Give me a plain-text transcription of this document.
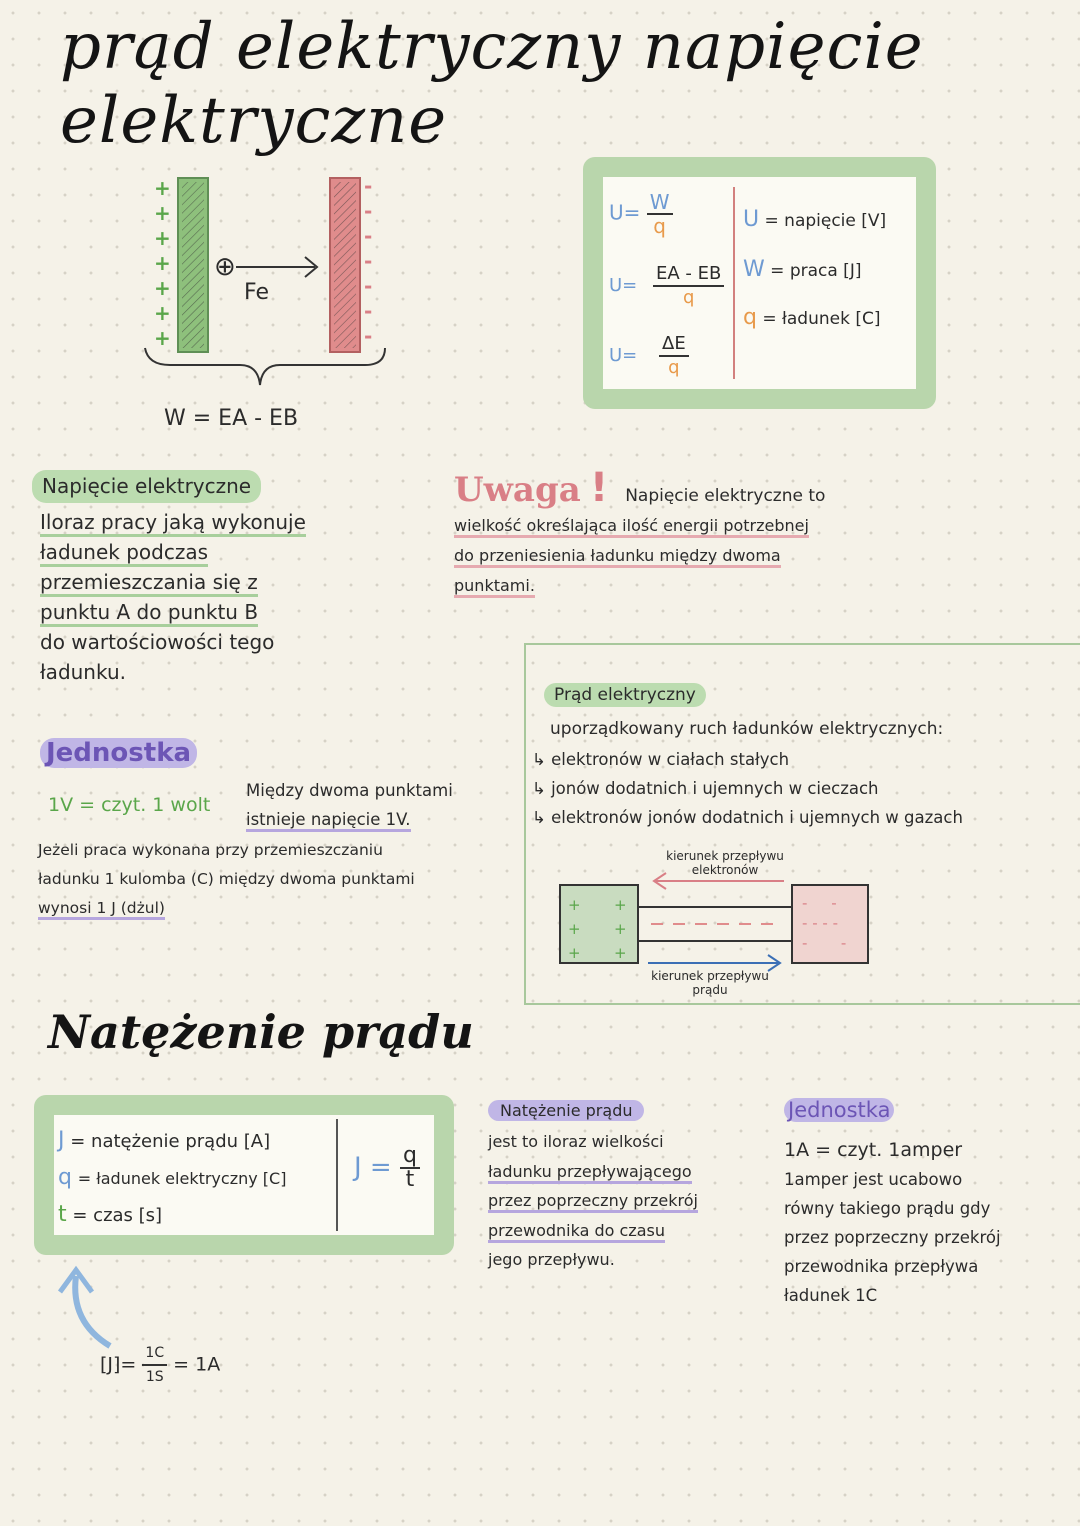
prąd elektryczny napięcie elektryczne
+
+
+
+
+
+
+
-
-
-
-
-
-
-
⊕
Fe
W = EA - EB
$U= \frac{W}{q}$
$U= \frac{EA - EB}{q}$
$U= \frac{\Delta E}{q}$
U = napięcie [V]
W = praca [J]
q = ładunek [C]
Napięcie elektryczne
Iloraz pracy jaką wykonuje
ładunek podczas
przemieszczania się z
punktu A do punktu B
do wartościowości tego
ładunku.
Uwaga ! Napięcie elektryczne to
wielkość określająca ilość energii potrzebnej
do przeniesienia ładunku między dwoma
punktami.
Jednostka
1V = czyt. 1 wolt
Między dwoma punktami
istnieje napięcie 1V.
Jeżeli praca wykonana przy przemieszczaniu
ładunku 1 kulomba (C) między dwoma punktami
wynosi 1 J (dżul)
Prąd elektryczny
uporządkowany ruch ładunków elektrycznych:
↳ elektronów w ciałach stałych
↳ jonów dodatnich i ujemnych w cieczach
↳ elektronów jonów dodatnich i ujemnych w gazach
+ +
+ +
+ +
- -
- - - -
- -
kierunek przepływu
elektronów
kierunek przepływu
prądu
Natężenie prądu
J = natężenie prądu [A]
q = ładunek elektryczny [C]
t = czas [s]
$J = \frac{q}{t}$
$[J]= \frac{1C}{1S} = 1A$
Natężenie prądu
jest to iloraz wielkości
ładunku przepływającego
przez poprzeczny przekrój
przewodnika do czasu
jego przepływu.
Jednostka
1A = czyt. 1amper
1amper jest ucabowo
równy takiego prądu gdy
przez poprzeczny przekrój
przewodnika przepływa
ładunek 1C
